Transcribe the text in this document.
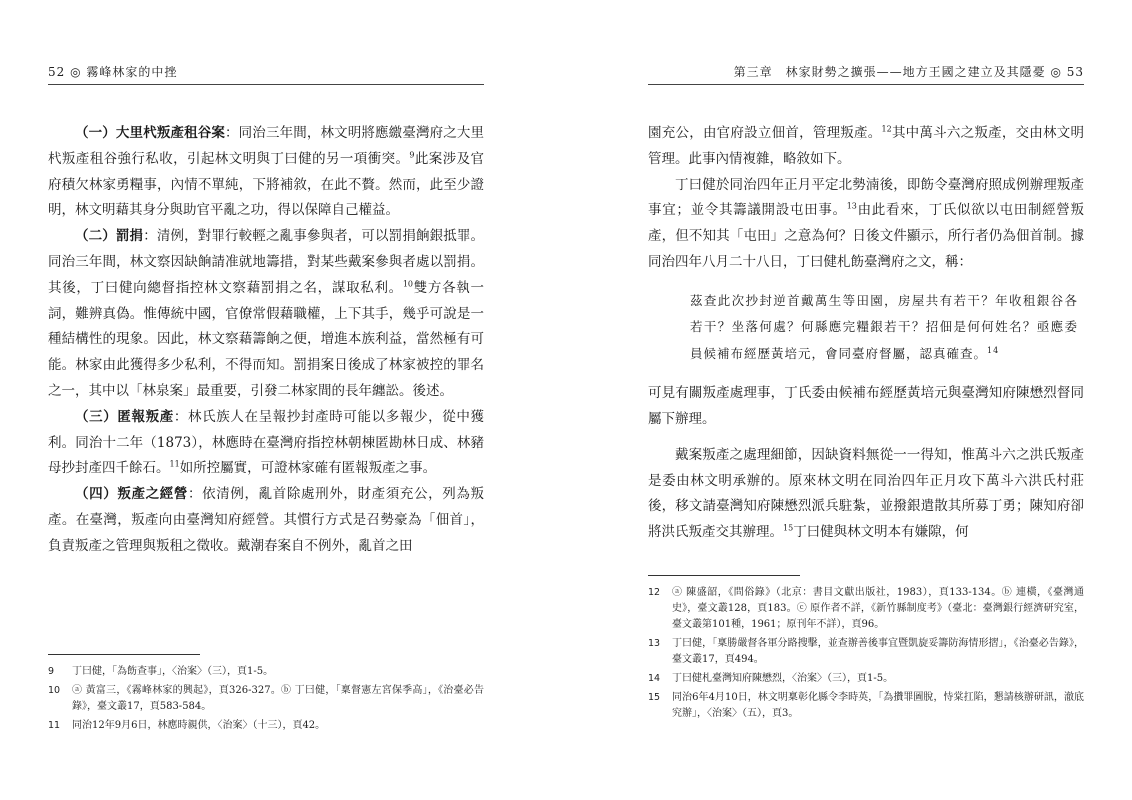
52 ◎ 霧峰林家的中挫

（一）大里杙叛產租谷案：同治三年間，林文明將應繳臺灣府之大里杙叛產租谷強行私收，引起林文明與丁曰健的另一項衝突。$^9$此案涉及官府積欠林家勇糧事，內情不單純，下將補敘，在此不贅。然而，此至少證明，林文明藉其身分與助官平亂之功，得以保障自己權益。

（二）罰捐：清例，對罪行較輕之亂事參與者，可以罰捐餉銀抵罪。同治三年間，林文察因缺餉請准就地籌措，對某些戴案參與者處以罰捐。其後，丁曰健向總督指控林文察藉罰捐之名，謀取私利。$^{10}$雙方各執一詞，難辨真偽。惟傳統中國，官僚常假藉職權，上下其手，幾乎可說是一種結構性的現象。因此，林文察藉籌餉之便，增進本族利益，當然極有可能。林家由此獲得多少私利，不得而知。罰捐案日後成了林家被控的罪名之一，其中以「林泉案」最重要，引發二林家間的長年纏訟。後述。

（三）匿報叛產：林氏族人在呈報抄封產時可能以多報少，從中獲利。同治十二年（1873），林應時在臺灣府指控林朝棟匿勘林日成、林豬母抄封產四千餘石。$^{11}$如所控屬實，可證林家確有匿報叛產之事。

（四）叛產之經營：依清例，亂首除處刑外，財產須充公，列為叛產。在臺灣，叛產向由臺灣知府經營。其慣行方式是召勢豪為「佃首」，負責叛產之管理與叛租之徵收。戴潮春案自不例外，亂首之田

9	丁曰健，「為飭查事」，〈治案〉（三），頁1-5。
10	ⓐ 黃富三，《霧峰林家的興起》，頁326-327。ⓑ 丁曰健，「稟督憲左宮保季高」，《治臺必告錄》，臺文叢17，頁583-584。
11	同治12年9月6日，林應時親供，〈治案〉（十三），頁42。
第三章　林家財勢之擴張——地方王國之建立及其隱憂 ◎ 53

園充公，由官府設立佃首，管理叛產。$^{12}$其中萬斗六之叛產，交由林文明管理。此事內情複雜，略敘如下。

丁曰健於同治四年正月平定北勢湳後，即飭令臺灣府照成例辦理叛產事宜；並令其籌議開設屯田事。$^{13}$由此看來，丁氏似欲以屯田制經營叛產，但不知其「屯田」之意為何？日後文件顯示，所行者仍為佃首制。據同治四年八月二十八日，丁曰健札飭臺灣府之文，稱：

茲查此次抄封逆首戴萬生等田園，房屋共有若干？年收租銀谷各若干？坐落何處？何縣應完糧銀若干？招佃是何何姓名？亟應委員候補布經歷黃培元，會同臺府督屬，認真確查。$^{14}$

可見有關叛產處理事，丁氏委由候補布經歷黃培元與臺灣知府陳懋烈督同屬下辦理。

戴案叛產之處理細節，因缺資料無從一一得知，惟萬斗六之洪氏叛產是委由林文明承辦的。原來林文明在同治四年正月攻下萬斗六洪氏村莊後，移文請臺灣知府陳懋烈派兵駐紮，並撥銀遣散其所募丁勇；陳知府卻將洪氏叛產交其辦理。$^{15}$丁曰健與林文明本有嫌隙，何

12	ⓐ 陳盛韶，《問俗錄》（北京：書目文獻出版社，1983），頁133-134。ⓑ 連橫，《臺灣通史》，臺文叢128，頁183。ⓒ 原作者不詳，《新竹縣制度考》（臺北：臺灣銀行經濟研究室，臺文叢第101種，1961；原刊年不詳），頁96。
13	丁曰健，「稟勝嚴督各軍分路搜擊，並查辦善後事宜暨凱旋妥籌防海情形摺」，《治臺必告錄》，臺文叢17，頁494。
14	丁曰健札臺灣知府陳懋烈，〈治案〉（三），頁1-5。
15	同治6年4月10日，林文明稟彰化縣令李時英，「為攢罪圖脫，恃棠扛陷，懇請核辦研訊，澈底究辦」，〈治案〉（五），頁3。
